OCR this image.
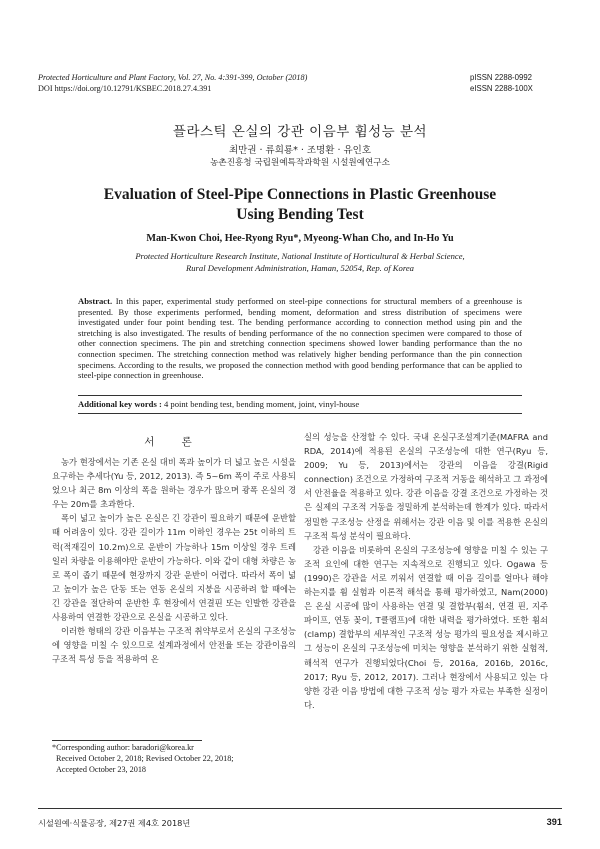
Protected Horticulture and Plant Factory, Vol. 27, No. 4:391-399, October (2018)
DOI https://doi.org/10.12791/KSBEC.2018.27.4.391
pISSN 2288-0992
eISSN 2288-100X
플라스틱 온실의 강관 이음부 휨성능 분석
최만권 · 류희룡* · 조명환 · 유인호
농촌진흥청 국립원예특작과학원 시설원예연구소
Evaluation of Steel-Pipe Connections in Plastic Greenhouse
Using Bending Test
Man-Kwon Choi, Hee-Ryong Ryu*, Myeong-Whan Cho, and In-Ho Yu
Protected Horticulture Research Institute, National Institute of Horticultural & Herbal Science,
Rural Development Administration, Haman, 52054, Rep. of Korea
Abstract. In this paper, experimental study performed on steel-pipe connections for structural members of a greenhouse is presented. By those experiments performed, bending moment, deformation and stress distribution of specimens were investigated under four point bending test. The bending performance according to connection method using pin and the stretching is also investigated. The results of bending performance of the no connection specimen were compared to those of other connection specimens. The pin and stretching connection specimens showed lower banding performance than the no connection specimen. The stretching connection method was relatively higher bending performance than the pin connection specimens. According to the results, we proposed the connection method with good bending performance that can be applied to steel-pipe connection in greenhouse.
Additional key words : 4 point bending test, bending moment, joint, vinyl-house
서 론

농가 현장에서는 기존 온실 대비 폭과 높이가 더 넓고 높은 시설을 요구하는 추세다(Yu 등, 2012, 2013). 즉 5~6m 폭이 주로 사용되었으나 최근 8m 이상의 폭을 원하는 경우가 많으며 광폭 온실의 경우는 20m를 초과한다.

폭이 넓고 높이가 높은 온실은 긴 강관이 필요하기 때문에 운반할 때 어려움이 있다. 강관 길이가 11m 이하인 경우는 25t 이하의 트럭(적재길이 10.2m)으로 운반이 가능하나 15m 이상일 경우 트레일러 차량을 이용해야만 운반이 가능하다. 이와 같이 대형 차량은 농로 폭이 좁기 때문에 현장까지 강관 운반이 어렵다. 따라서 폭이 넓고 높이가 높은 단동 또는 연동 온실의 지붕을 시공하려 할 때에는 긴 강관을 절단하여 운반한 후 현장에서 연결핀 또는 인발한 강관을 사용하여 연결한 강관으로 온실을 시공하고 있다.

이러한 형태의 강관 이음부는 구조적 취약부로서 온실의 구조성능에 영향을 미칠 수 있으므로 설계과정에서 안전율 또는 강관이음의 구조적 특성 등을 적용하여 온

실의 성능을 산정할 수 있다. 국내 온실구조설계기준(MAFRA and RDA, 2014)에 적용된 온실의 구조성능에 대한 연구(Ryu 등, 2009; Yu 등, 2013)에서는 강관의 이음을 강결(Rigid connection) 조건으로 가정하여 구조적 거동을 해석하고 그 과정에서 안전율을 적용하고 있다. 강관 이음을 강결 조건으로 가정하는 것은 실제의 구조적 거동을 정밀하게 분석하는데 한계가 있다. 따라서 정밀한 구조성능 산정을 위해서는 강관 이음 및 이를 적용한 온실의 구조적 특성 분석이 필요하다.

강관 이음을 비롯하여 온실의 구조성능에 영향을 미칠 수 있는 구조적 요인에 대한 연구는 지속적으로 진행되고 있다. Ogawa 등(1990)은 강관을 서로 끼워서 연결할 때 이음 길이를 얼마나 해야 하는지를 휨 실험과 이론적 해석을 통해 평가하였고, Nam(2000)은 온실 시공에 많이 사용하는 연결 및 결합부(휨쇠, 연결 핀, 지주 파이프, 연동 꽂이, T클램프)에 대한 내력을 평가하였다. 또한 휨쇠(clamp) 결합부의 세부적인 구조적 성능 평가의 필요성을 제시하고 그 성능이 온실의 구조성능에 미치는 영향을 분석하기 위한 실험적, 해석적 연구가 진행되었다(Choi 등, 2016a, 2016b, 2016c, 2017; Ryu 등, 2012, 2017). 그러나 현장에서 사용되고 있는 다양한 강관 이음 방법에 대한 구조적 성능 평가 자료는 부족한 실정이다.

*Corresponding author: baradori@korea.kr
Received October 2, 2018; Revised October 22, 2018;
Accepted October 23, 2018
시설원예·식물공장, 제27권 제4호 2018년	391
